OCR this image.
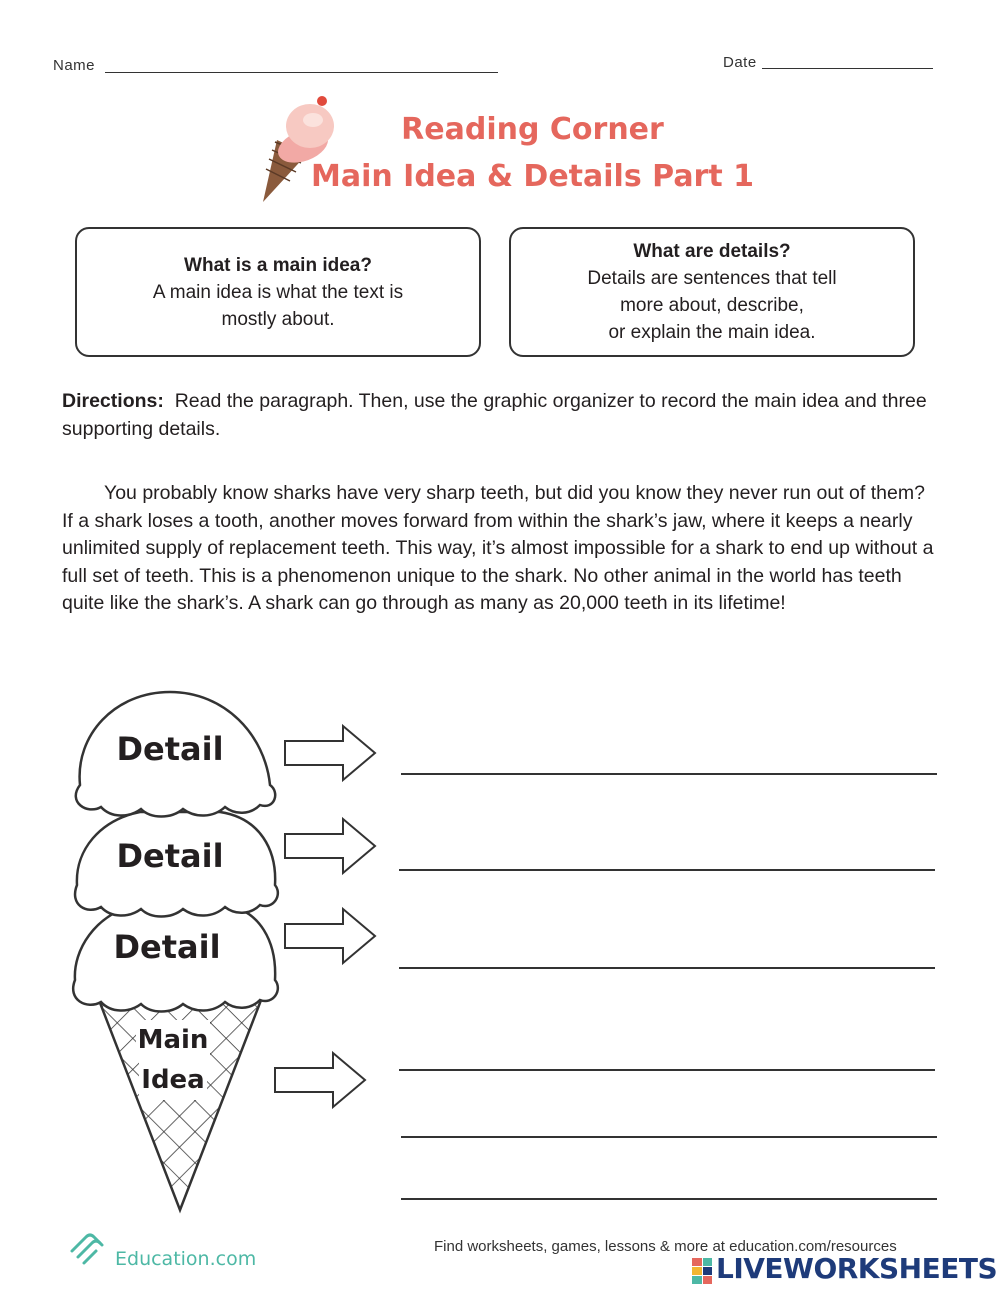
Name	Date
Reading Corner
Main Idea & Details Part 1
What is a main idea?
A main idea is what the text is
mostly about.
What are details?
Details are sentences that tell
more about, describe,
or explain the main idea.
Directions: Read the paragraph. Then, use the graphic organizer to record the main idea and three supporting details.
You probably know sharks have very sharp teeth, but did you know they never run out of them? If a shark loses a tooth, another moves forward from within the shark’s jaw, where it keeps a nearly unlimited supply of replacement teeth. This way, it’s almost impossible for a shark to end up without a full set of teeth. This is a phenomenon unique to the shark. No other animal in the world has teeth quite like the shark’s. A shark can go through as many as 20,000 teeth in its lifetime!
Detail
Detail
Detail
Main
Idea
Education.com
Find worksheets, games, lessons & more at education.com/resources
LIVEWORKSHEETS
